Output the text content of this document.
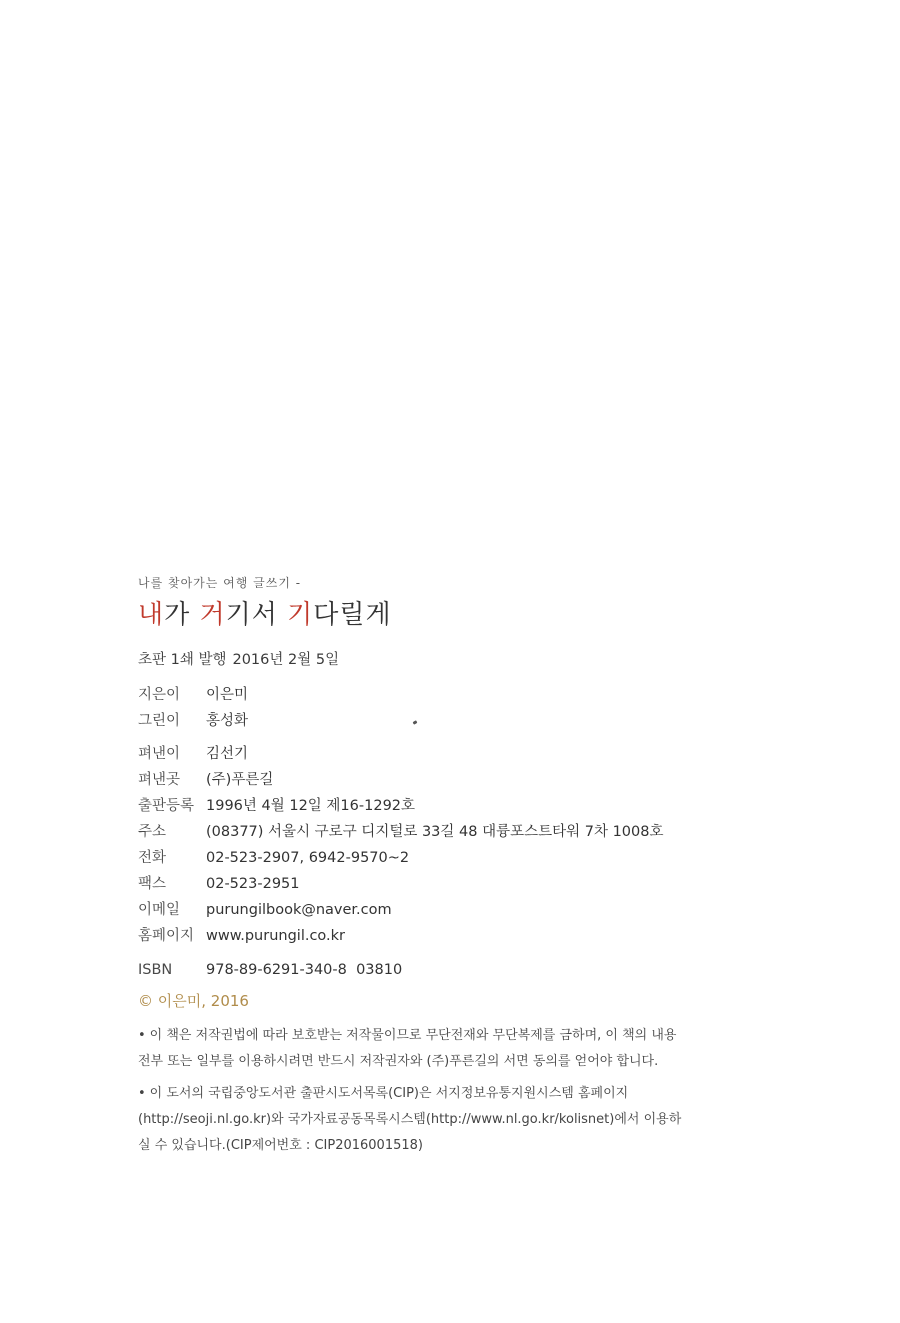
나를 찾아가는 여행 글쓰기 -
내가 거기서 기다릴게
초판 1쇄 발행 2016년 2월 5일
지은이	이은미
그린이	홍성화
펴낸이	김선기
펴낸곳	(주)푸른길
출판등록 1996년 4월 12일 제16-1292호
주소	(08377) 서울시 구로구 디지털로 33길 48 대륭포스트타워 7차 1008호
전화	02-523-2907, 6942-9570~2
팩스	02-523-2951
이메일	purungilbook@naver.com
홈페이지 www.purungil.co.kr
ISBN	978-89-6291-340-8  03810
© 이은미, 2016
• 이 책은 저작권법에 따라 보호받는 저작물이므로 무단전재와 무단복제를 금하며, 이 책의 내용 전부 또는 일부를 이용하시려면 반드시 저작권자와 (주)푸른길의 서면 동의를 얻어야 합니다.
• 이 도서의 국립중앙도서관 출판시도서목록(CIP)은 서지정보유통지원시스템 홈페이지(http://seoji.nl.go.kr)와 국가자료공동목록시스템(http://www.nl.go.kr/kolisnet)에서 이용하실 수 있습니다.(CIP제어번호 : CIP2016001518)
